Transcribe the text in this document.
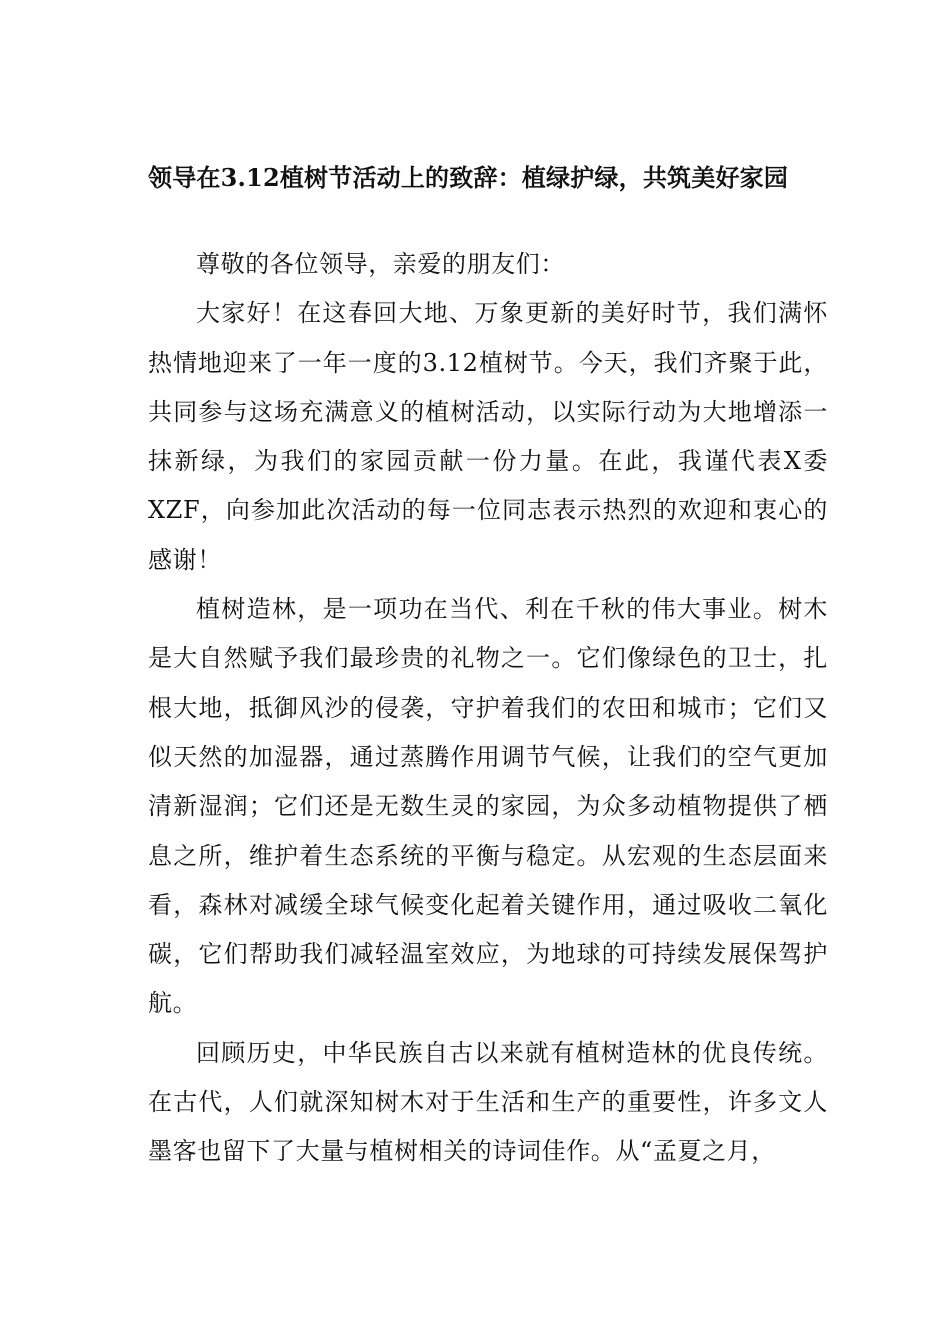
领导在3.12植树节活动上的致辞：植绿护绿，共筑美好家园

尊敬的各位领导，亲爱的朋友们：

大家好！在这春回大地、万象更新的美好时节，我们满怀热情地迎来了一年一度的3.12植树节。今天，我们齐聚于此，共同参与这场充满意义的植树活动，以实际行动为大地增添一抹新绿，为我们的家园贡献一份力量。在此，我谨代表X委XZF，向参加此次活动的每一位同志表示热烈的欢迎和衷心的感谢！

植树造林，是一项功在当代、利在千秋的伟大事业。树木是大自然赋予我们最珍贵的礼物之一。它们像绿色的卫士，扎根大地，抵御风沙的侵袭，守护着我们的农田和城市；它们又似天然的加湿器，通过蒸腾作用调节气候，让我们的空气更加清新湿润；它们还是无数生灵的家园，为众多动植物提供了栖息之所，维护着生态系统的平衡与稳定。从宏观的生态层面来看，森林对减缓全球气候变化起着关键作用，通过吸收二氧化碳，它们帮助我们减轻温室效应，为地球的可持续发展保驾护航。

回顾历史，中华民族自古以来就有植树造林的优良传统。在古代，人们就深知树木对于生活和生产的重要性，许多文人墨客也留下了大量与植树相关的诗词佳作。从“孟夏之月，
